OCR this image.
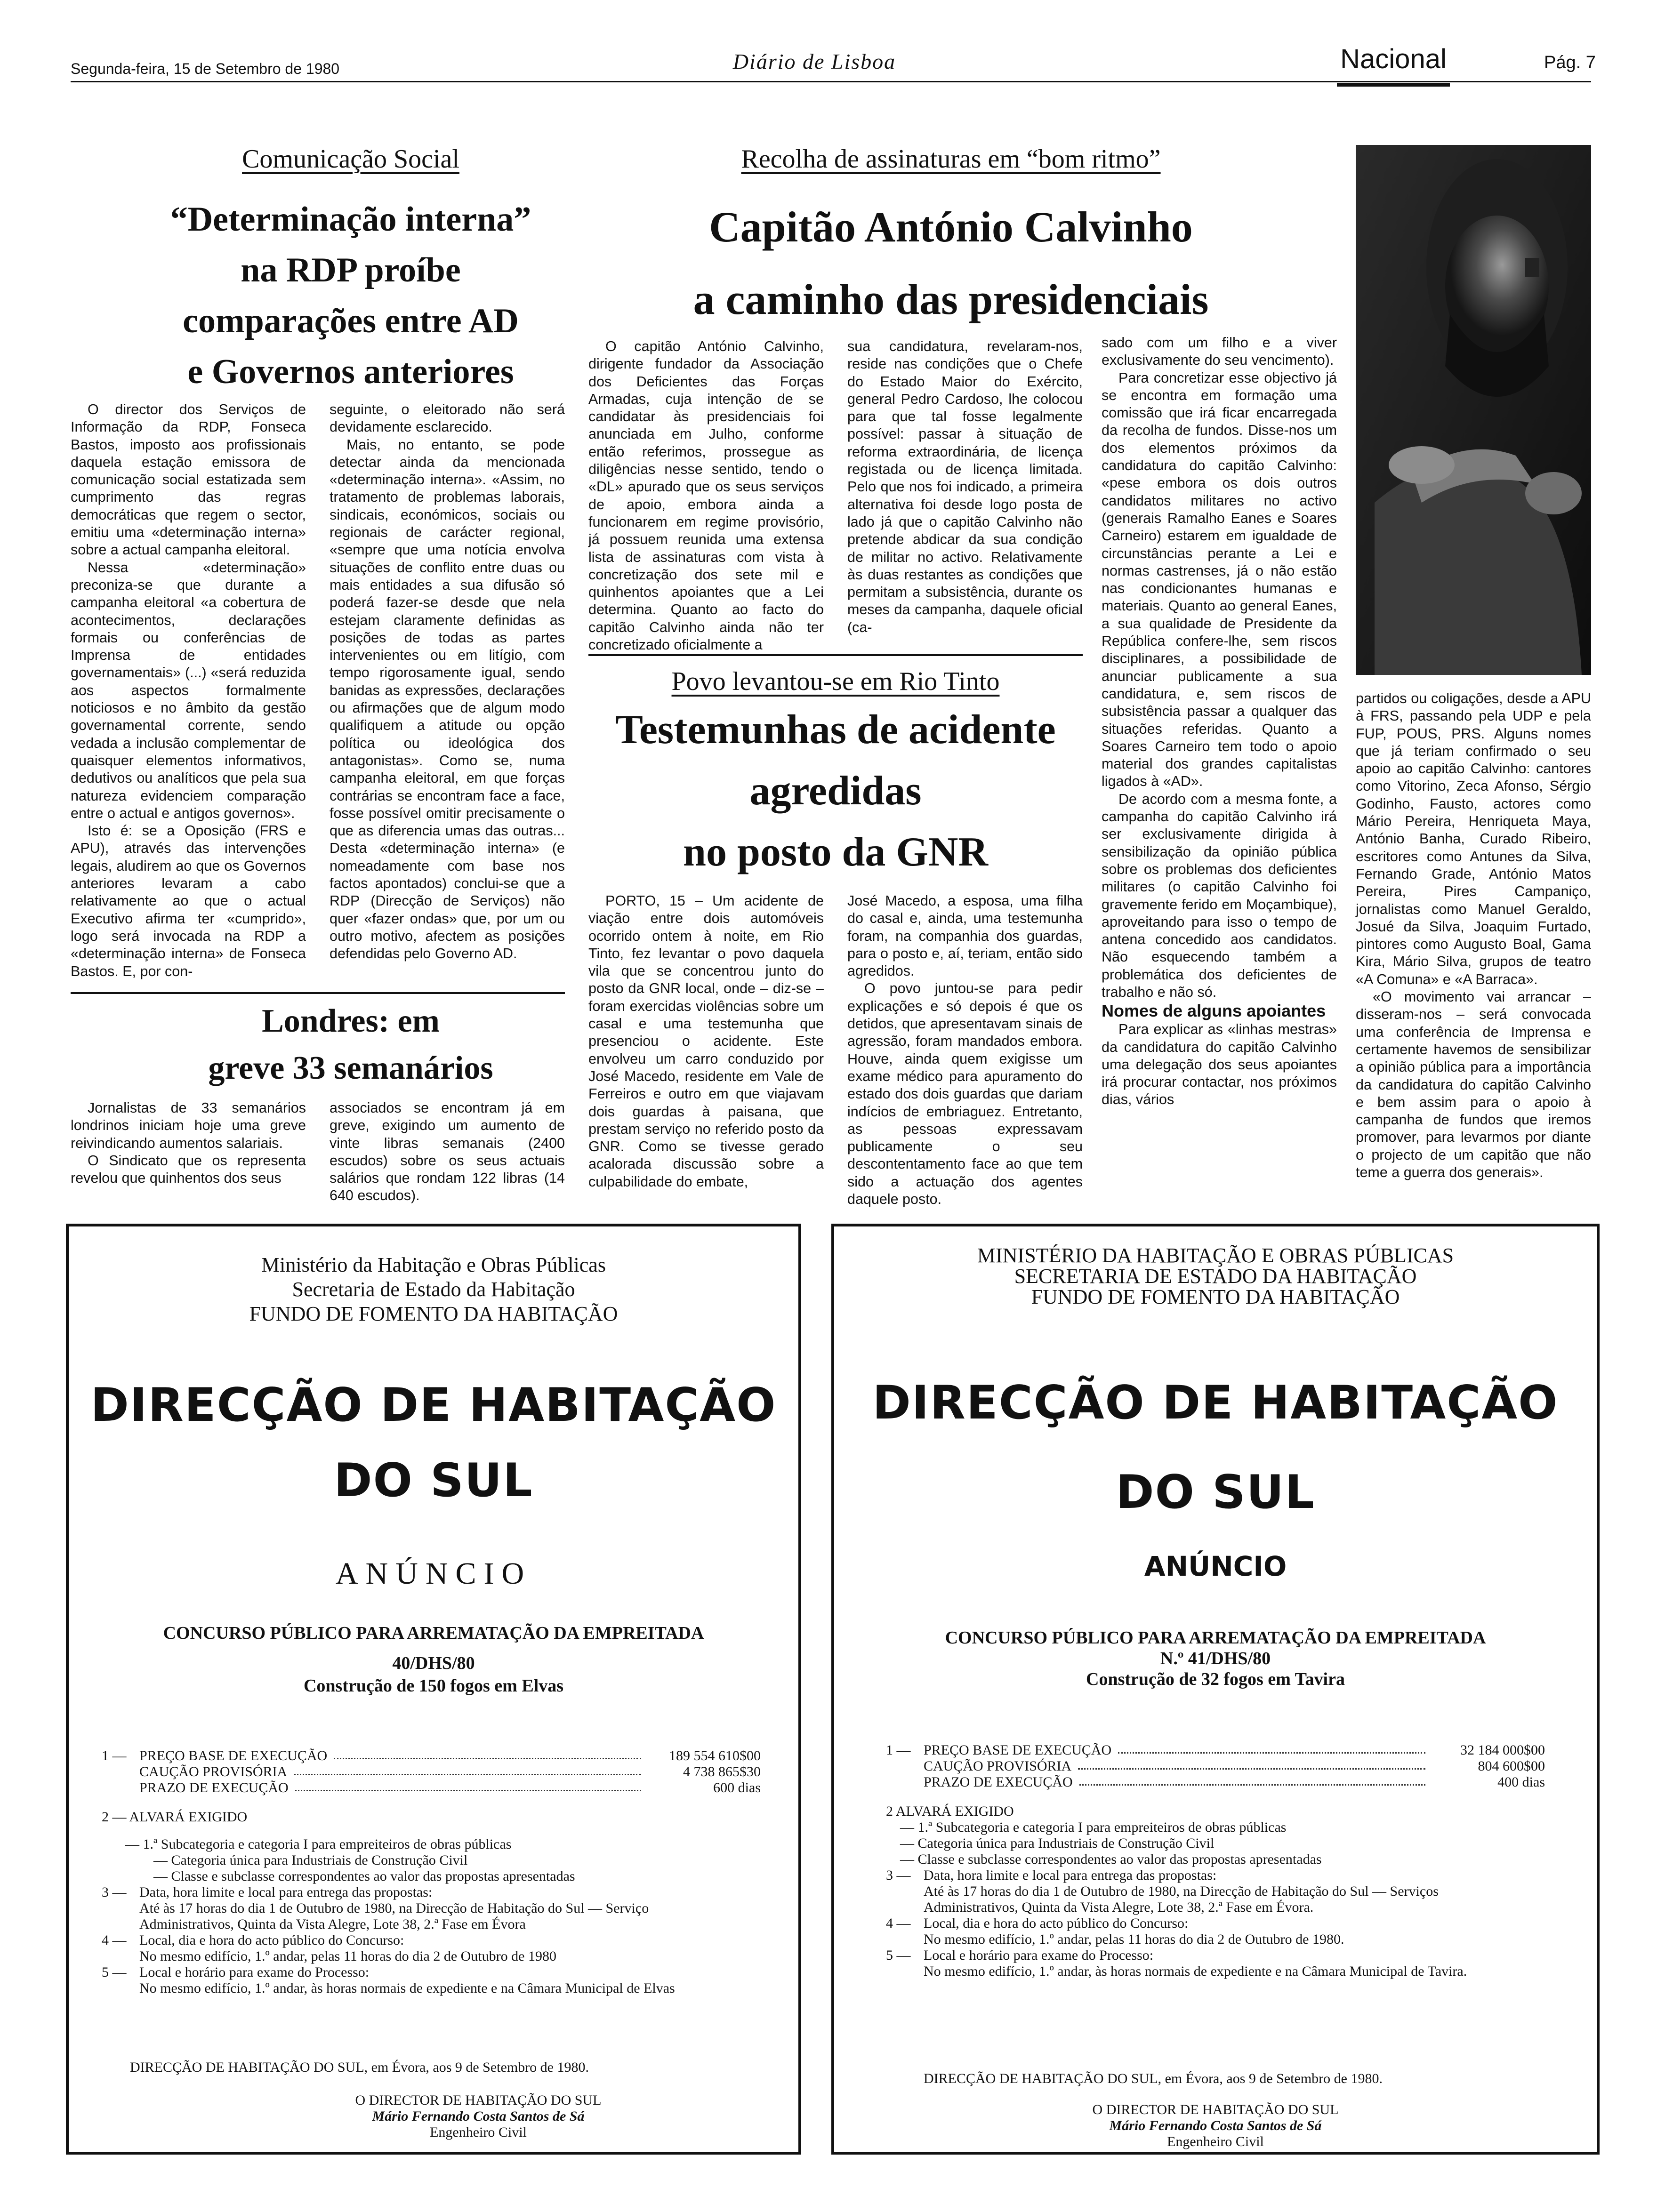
Segunda-feira, 15 de Setembro de 1980	Diário de Lisboa	Nacional	Pág. 7
Comunicação Social
“Determinação interna”
na RDP proíbe
comparações entre AD
e Governos anteriores

O director dos Serviços de Informação da RDP, Fonseca Bastos, imposto aos profissionais daquela estação emissora de comunicação social estatizada sem cumprimento das regras democráticas que regem o sector, emitiu uma «determinação interna» sobre a actual campanha eleitoral.

Nessa «determinação» preconiza-se que durante a campanha eleitoral «a cobertura de acontecimentos, declarações formais ou conferências de Imprensa de entidades governamentais» (...) «será reduzida aos aspectos formalmente noticiosos e no âmbito da gestão governamental corrente, sendo vedada a inclusão complementar de quaisquer elementos informativos, dedutivos ou analíticos que pela sua natureza evidenciem comparação entre o actual e antigos governos».

Isto é: se a Oposição (FRS e APU), através das intervenções legais, aludirem ao que os Governos anteriores levaram a cabo relativamente ao que o actual Executivo afirma ter «cumprido», logo será invocada na RDP a «determinação interna» de Fonseca Bastos. E, por con-

seguinte, o eleitorado não será devidamente esclarecido.

Mais, no entanto, se pode detectar ainda da mencionada «determinação interna». «Assim, no tratamento de problemas laborais, sindicais, económicos, sociais ou regionais de carácter regional, «sempre que uma notícia envolva situações de conflito entre duas ou mais entidades a sua difusão só poderá fazer-se desde que nela estejam claramente definidas as posições de todas as partes intervenientes ou em litígio, com tempo rigorosamente igual, sendo banidas as expressões, declarações ou afirmações que de algum modo qualifiquem a atitude ou opção política ou ideológica dos antagonistas». Como se, numa campanha eleitoral, em que forças contrárias se encontram face a face, fosse possível omitir precisamente o que as diferencia umas das outras... Desta «determinação interna» (e nomeadamente com base nos factos apontados) conclui-se que a RDP (Direcção de Serviços) não quer «fazer ondas» que, por um ou outro motivo, afectem as posições defendidas pelo Governo AD.

Londres: em
greve 33 semanários

Jornalistas de 33 semanários londrinos iniciam hoje uma greve reivindicando aumentos salariais.

O Sindicato que os representa revelou que quinhentos dos seus

associados se encontram já em greve, exigindo um aumento de vinte libras semanais (2400 escudos) sobre os seus actuais salários que rondam 122 libras (14 640 escudos).

Recolha de assinaturas em “bom ritmo”
Capitão António Calvinho
a caminho das presidenciais

O capitão António Calvinho, dirigente fundador da Associação dos Deficientes das Forças Armadas, cuja intenção de se candidatar às presidenciais foi anunciada em Julho, conforme então referimos, prossegue as diligências nesse sentido, tendo o «DL» apurado que os seus serviços de apoio, embora ainda a funcionarem em regime provisório, já possuem reunida uma extensa lista de assinaturas com vista à concretização dos sete mil e quinhentos apoiantes que a Lei determina. Quanto ao facto do capitão Calvinho ainda não ter concretizado oficialmente a

sua candidatura, revelaram-nos, reside nas condições que o Chefe do Estado Maior do Exército, general Pedro Cardoso, lhe colocou para que tal fosse legalmente possível: passar à situação de reforma extraordinária, de licença registada ou de licença limitada. Pelo que nos foi indicado, a primeira alternativa foi desde logo posta de lado já que o capitão Calvinho não pretende abdicar da sua condição de militar no activo. Relativamente às duas restantes as condições que permitam a subsistência, durante os meses da campanha, daquele oficial (ca-

sado com um filho e a viver exclusivamente do seu vencimento).

Para concretizar esse objectivo já se encontra em formação uma comissão que irá ficar encarregada da recolha de fundos. Disse-nos um dos elementos próximos da candidatura do capitão Calvinho: «pese embora os dois outros candidatos militares no activo (generais Ramalho Eanes e Soares Carneiro) estarem em igualdade de circunstâncias perante a Lei e normas castrenses, já o não estão nas condicionantes humanas e materiais. Quanto ao general Eanes, a sua qualidade de Presidente da República confere-lhe, sem riscos disciplinares, a possibilidade de anunciar publicamente a sua candidatura, e, sem riscos de subsistência passar a qualquer das situações referidas. Quanto a Soares Carneiro tem todo o apoio material dos grandes capitalistas ligados à «AD».

De acordo com a mesma fonte, a campanha do capitão Calvinho irá ser exclusivamente dirigida à sensibilização da opinião pública sobre os problemas dos deficientes militares (o capitão Calvinho foi gravemente ferido em Moçambique), aproveitando para isso o tempo de antena concedido aos candidatos. Não esquecendo também a problemática dos deficientes de trabalho e não só.

Nomes de alguns apoiantes

Para explicar as «linhas mestras» da candidatura do capitão Calvinho uma delegação dos seus apoiantes irá procurar contactar, nos próximos dias, vários

partidos ou coligações, desde a APU à FRS, passando pela UDP e pela FUP, POUS, PRS. Alguns nomes que já teriam confirmado o seu apoio ao capitão Calvinho: cantores como Vitorino, Zeca Afonso, Sérgio Godinho, Fausto, actores como Mário Pereira, Henriqueta Maya, António Banha, Curado Ribeiro, escritores como Antunes da Silva, Fernando Grade, António Matos Pereira, Pires Campaniço, jornalistas como Manuel Geraldo, Josué da Silva, Joaquim Furtado, pintores como Augusto Boal, Gama Kira, Mário Silva, grupos de teatro «A Comuna» e «A Barraca».

«O movimento vai arrancar – disseram-nos – será convocada uma conferência de Imprensa e certamente havemos de sensibilizar a opinião pública para a importância da candidatura do capitão Calvinho e bem assim para o apoio à campanha de fundos que iremos promover, para levarmos por diante o projecto de um capitão que não teme a guerra dos generais».

Povo levantou-se em Rio Tinto
Testemunhas de acidente
agredidas
no posto da GNR

PORTO, 15 – Um acidente de viação entre dois automóveis ocorrido ontem à noite, em Rio Tinto, fez levantar o povo daquela vila que se concentrou junto do posto da GNR local, onde – diz-se – foram exercidas violências sobre um casal e uma testemunha que presenciou o acidente. Este envolveu um carro conduzido por José Macedo, residente em Vale de Ferreiros e outro em que viajavam dois guardas à paisana, que prestam serviço no referido posto da GNR. Como se tivesse gerado acalorada discussão sobre a culpabilidade do embate,

José Macedo, a esposa, uma filha do casal e, ainda, uma testemunha foram, na companhia dos guardas, para o posto e, aí, teriam, então sido agredidos.

O povo juntou-se para pedir explicações e só depois é que os detidos, que apresentavam sinais de agressão, foram mandados embora. Houve, ainda quem exigisse um exame médico para apuramento do estado dos dois guardas que dariam indícios de embriaguez. Entretanto, as pessoas expressavam publicamente o seu descontentamento face ao que tem sido a actuação dos agentes daquele posto.

Ministério da Habitação e Obras Públicas
Secretaria de Estado da Habitação
FUNDO DE FOMENTO DA HABITAÇÃO
DIRECÇÃO DE HABITAÇÃO
DO SUL
ANÚNCIO
CONCURSO PÚBLICO PARA ARREMATAÇÃO DA EMPREITADA
40/DHS/80
Construção de 150 fogos em Elvas
1 — PREÇO BASE DE EXECUÇÃO	189 554 610$00
CAUÇÃO PROVISÓRIA	4 738 865$30
PRAZO DE EXECUÇÃO	600 dias
2 — ALVARÁ EXIGIDO
— 1.ª Subcategoria e categoria I para empreiteiros de obras públicas
— Categoria única para Industriais de Construção Civil
— Classe e subclasse correspondentes ao valor das propostas apresentadas
3 — Data, hora limite e local para entrega das propostas:
Até às 17 horas do dia 1 de Outubro de 1980, na Direcção de Habitação do Sul — Serviço
Administrativos, Quinta da Vista Alegre, Lote 38, 2.ª Fase em Évora
4 — Local, dia e hora do acto público do Concurso:
No mesmo edifício, 1.º andar, pelas 11 horas do dia 2 de Outubro de 1980
5 — Local e horário para exame do Processo:
No mesmo edifício, 1.º andar, às horas normais de expediente e na Câmara Municipal de Elvas
DIRECÇÃO DE HABITAÇÃO DO SUL, em Évora, aos 9 de Setembro de 1980.
O DIRECTOR DE HABITAÇÃO DO SUL
Mário Fernando Costa Santos de Sá
Engenheiro Civil
MINISTÉRIO DA HABITAÇÃO E OBRAS PÚBLICAS
SECRETARIA DE ESTADO DA HABITAÇÃO
FUNDO DE FOMENTO DA HABITAÇÃO
DIRECÇÃO DE HABITAÇÃO
DO SUL
ANÚNCIO
CONCURSO PÚBLICO PARA ARREMATAÇÃO DA EMPREITADA
N.º 41/DHS/80
Construção de 32 fogos em Tavira
1 — PREÇO BASE DE EXECUÇÃO	32 184 000$00
CAUÇÃO PROVISÓRIA	804 600$00
PRAZO DE EXECUÇÃO	400 dias
2 ALVARÁ EXIGIDO
— 1.ª Subcategoria e categoria I para empreiteiros de obras públicas
— Categoria única para Industriais de Construção Civil
— Classe e subclasse correspondentes ao valor das propostas apresentadas
3 — Data, hora limite e local para entrega das propostas:
Até às 17 horas do dia 1 de Outubro de 1980, na Direcção de Habitação do Sul — Serviços
Administrativos, Quinta da Vista Alegre, Lote 38, 2.ª Fase em Évora.
4 — Local, dia e hora do acto público do Concurso:
No mesmo edifício, 1.º andar, pelas 11 horas do dia 2 de Outubro de 1980.
5 — Local e horário para exame do Processo:
No mesmo edifício, 1.º andar, às horas normais de expediente e na Câmara Municipal de Tavira.
DIRECÇÃO DE HABITAÇÃO DO SUL, em Évora, aos 9 de Setembro de 1980.
O DIRECTOR DE HABITAÇÃO DO SUL
Mário Fernando Costa Santos de Sá
Engenheiro Civil
